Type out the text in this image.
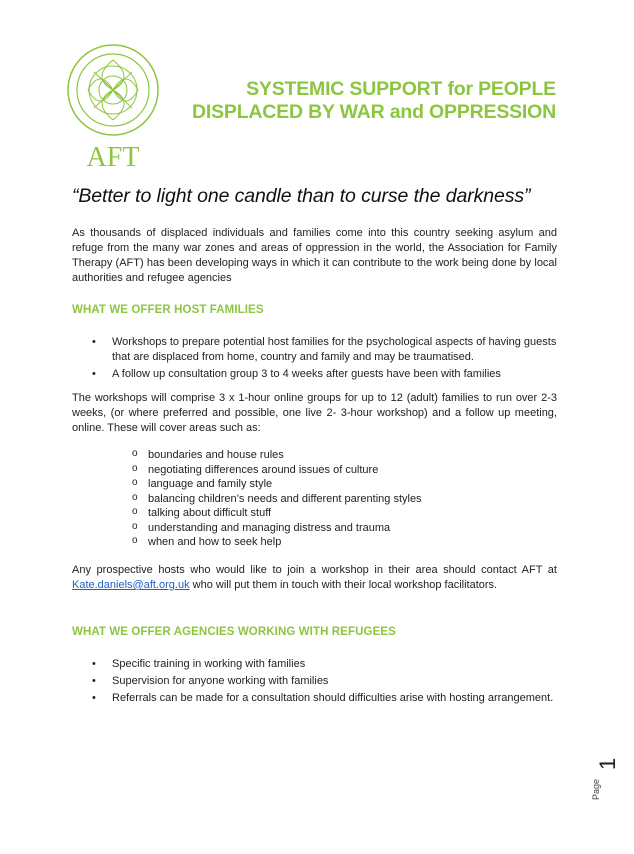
AFT
SYSTEMIC SUPPORT for PEOPLE
DISPLACED BY WAR and OPPRESSION
“Better to light one candle than to curse the darkness”
As thousands of displaced individuals and families come into this country seeking asylum and refuge from the many war zones and areas of oppression in the world, the Association for Family Therapy (AFT) has been developing ways in which it can contribute to the work being done by local authorities and refugee agencies
WHAT WE OFFER HOST FAMILIES
• Workshops to prepare potential host families for the psychological aspects of having guests that are displaced from home, country and family and may be traumatised.
• A follow up consultation group 3 to 4 weeks after guests have been with families
The workshops will comprise 3 x 1-hour online groups for up to 12 (adult) families to run over 2-3 weeks, (or where preferred and possible, one live 2- 3-hour workshop) and a follow up meeting, online. These will cover areas such as:
o boundaries and house rules
o negotiating differences around issues of culture
o language and family style
o balancing children’s needs and different parenting styles
o talking about difficult stuff
o understanding and managing distress and trauma
o when and how to seek help
Any prospective hosts who would like to join a workshop in their area should contact AFT at Kate.daniels@aft.org.uk who will put them in touch with their local workshop facilitators.
WHAT WE OFFER AGENCIES WORKING WITH REFUGEES
• Specific training in working with families
• Supervision for anyone working with families
• Referrals can be made for a consultation should difficulties arise with hosting arrangement.
1
Page
